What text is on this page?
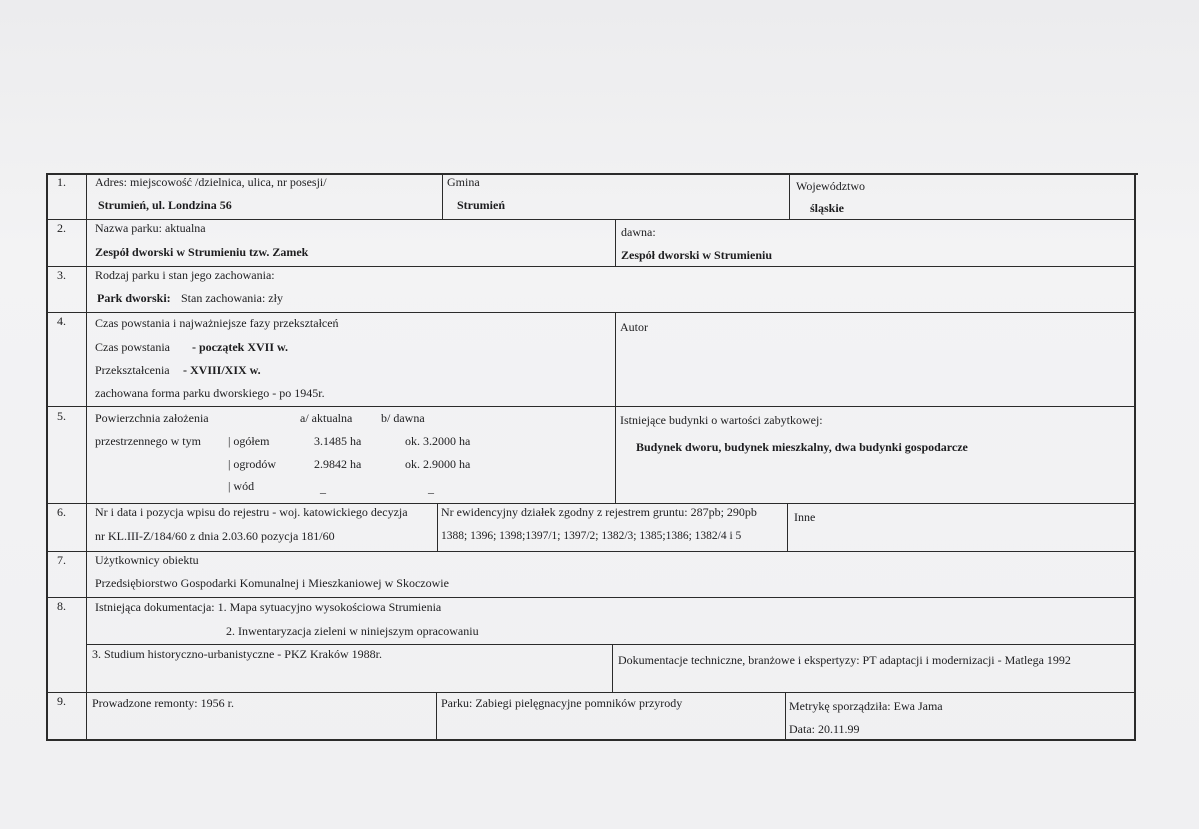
1. Adres: miejscowość /dzielnica, ulica, nr posesji/
Strumień, ul. Londzina 56
Gmina
Strumień
Województwo
śląskie
2. Nazwa parku: aktualna
Zespół dworski w Strumieniu tzw. Zamek
dawna:
Zespół dworski w Strumieniu
3. Rodzaj parku i stan jego zachowania:
Park dworski: Stan zachowania: zły
4. Czas powstania i najważniejsze fazy przekształceń
Czas powstania - początek XVII w.
Przekształcenia - XVIII/XIX w.
zachowana forma parku dworskiego - po 1945r.
Autor
5. Powierzchnia założenia
przestrzennego w tym
a/ aktualna b/ dawna
| ogółem	3.1485 ha	ok. 3.2000 ha
| ogrodów	2.9842 ha	ok. 2.9000 ha
| wód	_	_
Istniejące budynki o wartości zabytkowej:
Budynek dworu, budynek mieszkalny, dwa budynki gospodarcze
6. Nr i data i pozycja wpisu do rejestru - woj. katowickiego decyzja
nr KL.III-Z/184/60 z dnia 2.03.60 pozycja 181/60
Nr ewidencyjny działek zgodny z rejestrem gruntu: 287pb; 290pb
1388; 1396; 1398;1397/1; 1397/2; 1382/3; 1385;1386; 1382/4 i 5
Inne
7. Użytkownicy obiektu
Przedsiębiorstwo Gospodarki Komunalnej i Mieszkaniowej w Skoczowie
8. Istniejąca dokumentacja: 1. Mapa sytuacyjno wysokościowa Strumienia
2. Inwentaryzacja zieleni w niniejszym opracowaniu
3. Studium historyczno-urbanistyczne - PKZ Kraków 1988r.	Dokumentacje techniczne, branżowe i ekspertyzy: PT adaptacji i modernizacji - Matlega 1992
9. Prowadzone remonty: 1956 r.	Parku: Zabiegi pielęgnacyjne pomników przyrody	Metrykę sporządziła: Ewa Jama
Data: 20.11.99
